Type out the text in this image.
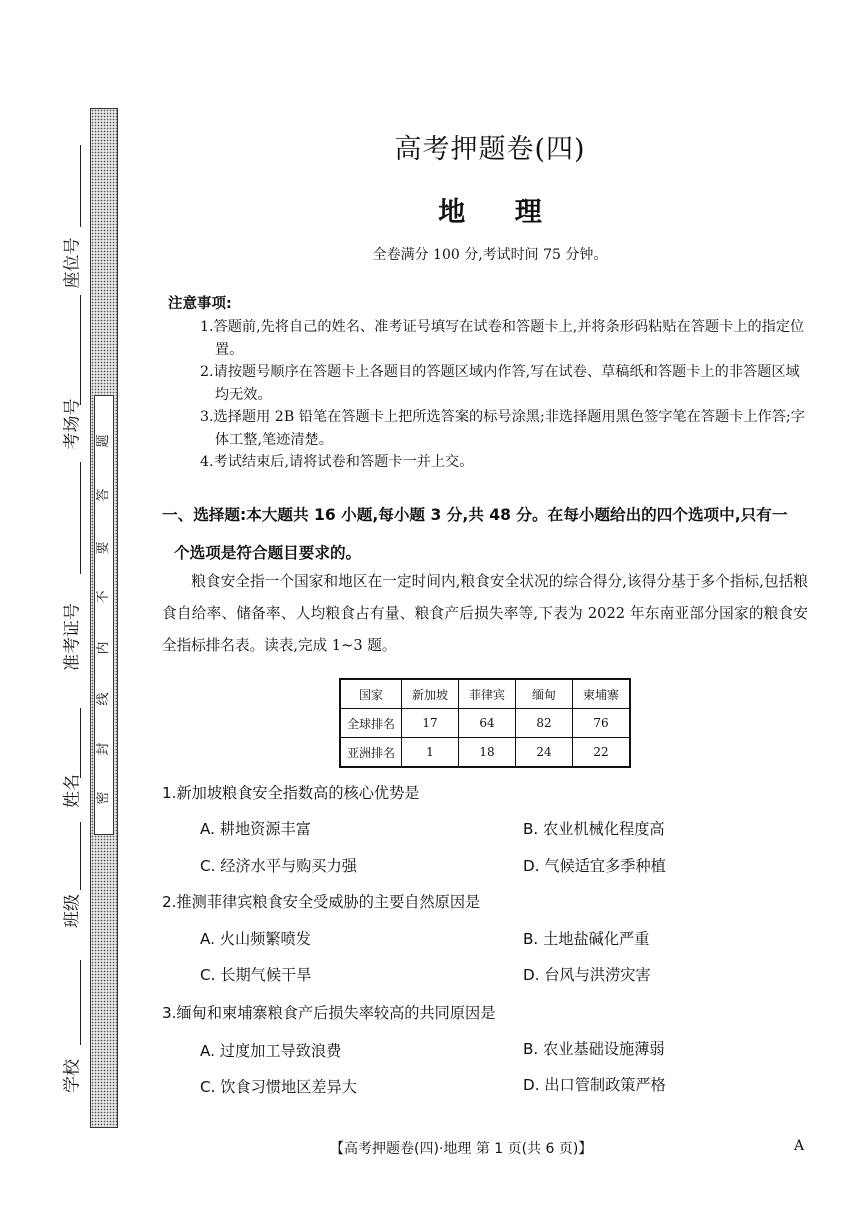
题
答
要
不
内
线
封
密
座位号
考场号
准考证号
姓名
班级
学校
高考押题卷(四)
地 理
全卷满分 100 分,考试时间 75 分钟。
注意事项:
1.答题前,先将自己的姓名、准考证号填写在试卷和答题卡上,并将条形码粘贴在答题卡上的指定位置。
2.请按题号顺序在答题卡上各题目的答题区域内作答,写在试卷、草稿纸和答题卡上的非答题区域均无效。
3.选择题用 2B 铅笔在答题卡上把所选答案的标号涂黑;非选择题用黑色签字笔在答题卡上作答;字体工整,笔迹清楚。
4.考试结束后,请将试卷和答题卡一并上交。
一、选择题:本大题共 16 小题,每小题 3 分,共 48 分。在每小题给出的四个选项中,只有一
个选项是符合题目要求的。
粮食安全指一个国家和地区在一定时间内,粮食安全状况的综合得分,该得分基于多个指标,包括粮食自给率、储备率、人均粮食占有量、粮食产后损失率等,下表为 2022 年东南亚部分国家的粮食安全指标排名表。读表,完成 1~3 题。
国家	新加坡	菲律宾	缅甸	柬埔寨
全球排名	17	64	82	76
亚洲排名	1	18	24	22
1.新加坡粮食安全指数高的核心优势是
A. 耕地资源丰富	B. 农业机械化程度高
C. 经济水平与购买力强	D. 气候适宜多季种植
2.推测菲律宾粮食安全受威胁的主要自然原因是
A. 火山频繁喷发	B. 土地盐碱化严重
C. 长期气候干旱	D. 台风与洪涝灾害
3.缅甸和柬埔寨粮食产后损失率较高的共同原因是
A. 过度加工导致浪费	B. 农业基础设施薄弱
C. 饮食习惯地区差异大	D. 出口管制政策严格
【高考押题卷(四)·地理 第 1 页(共 6 页)】	A
